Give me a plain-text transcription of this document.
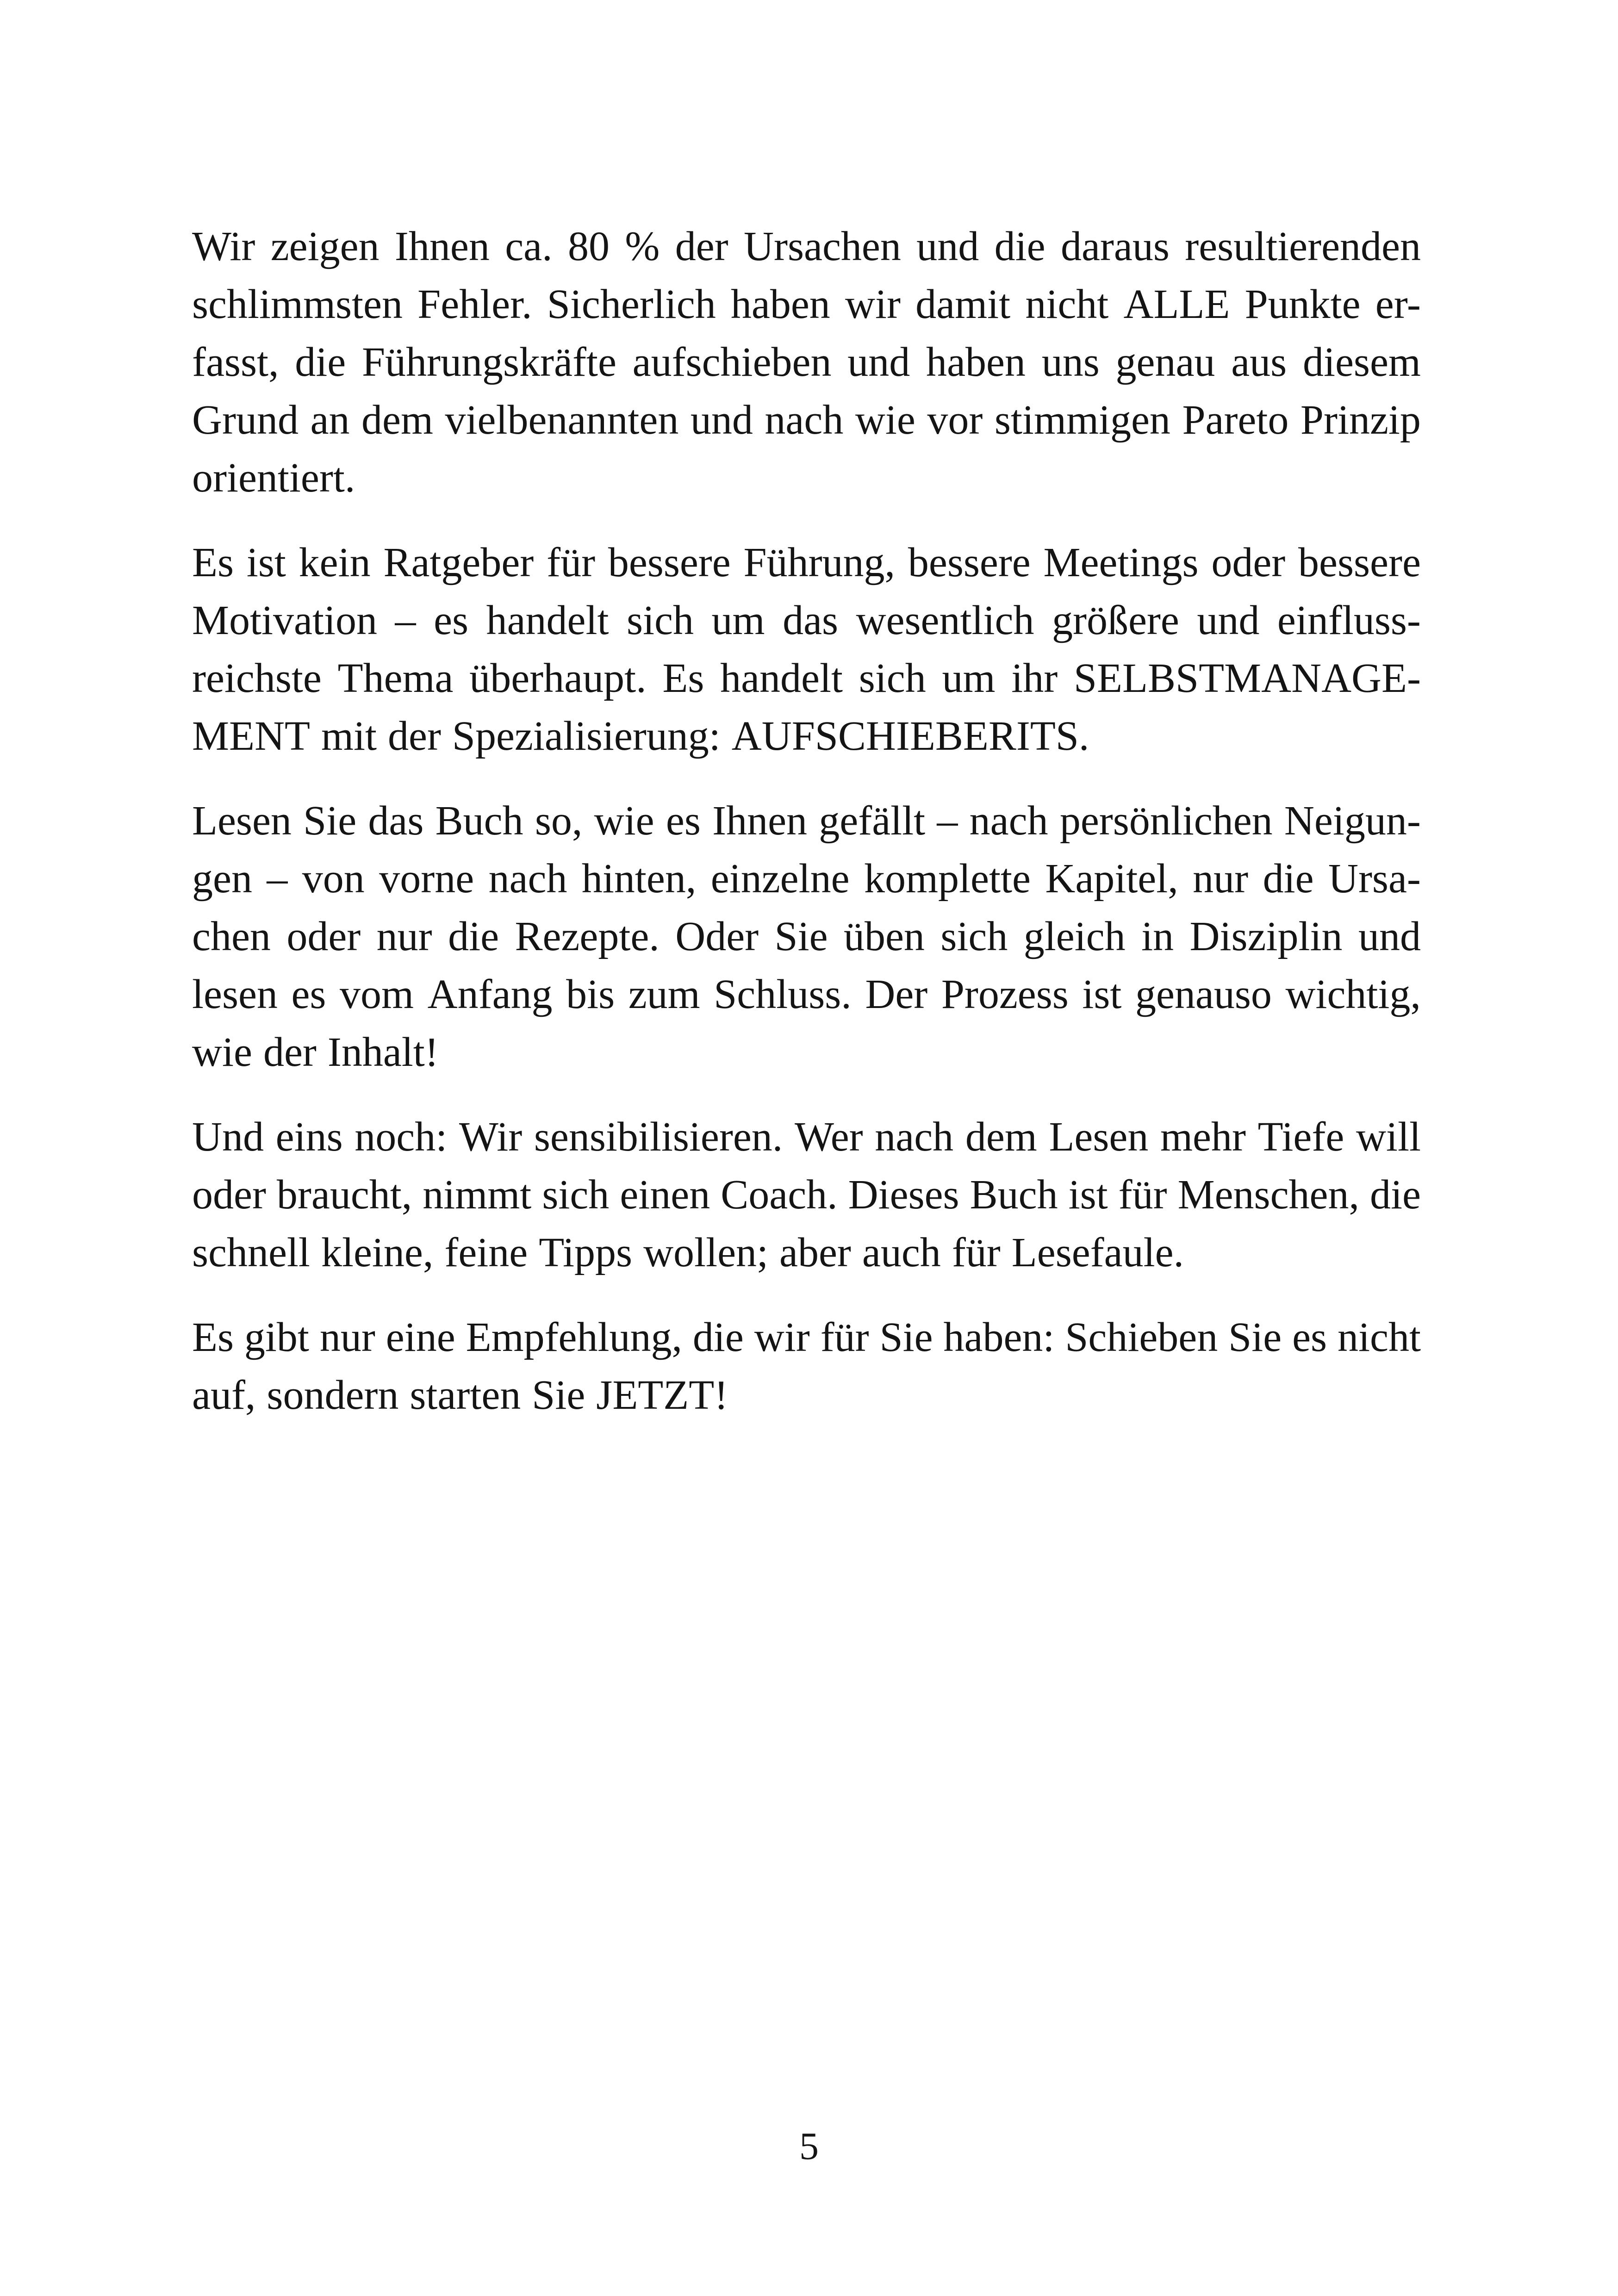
Wir zeigen Ihnen ca. 80 % der Ursachen und die daraus resultierenden
schlimmsten Fehler. Sicherlich haben wir damit nicht ALLE Punkte er-
fasst, die Führungskräfte aufschieben und haben uns genau aus diesem
Grund an dem vielbenannten und nach wie vor stimmigen Pareto Prinzip
orientiert.
Es ist kein Ratgeber für bessere Führung, bessere Meetings oder bessere
Motivation – es handelt sich um das wesentlich größere und einfluss-
reichste Thema überhaupt. Es handelt sich um ihr SELBSTMANAGE-
MENT mit der Spezialisierung: AUFSCHIEBERITS.
Lesen Sie das Buch so, wie es Ihnen gefällt – nach persönlichen Neigun-
gen – von vorne nach hinten, einzelne komplette Kapitel, nur die Ursa-
chen oder nur die Rezepte. Oder Sie üben sich gleich in Disziplin und
lesen es vom Anfang bis zum Schluss. Der Prozess ist genauso wichtig,
wie der Inhalt!
Und eins noch: Wir sensibilisieren. Wer nach dem Lesen mehr Tiefe will
oder braucht, nimmt sich einen Coach. Dieses Buch ist für Menschen, die
schnell kleine, feine Tipps wollen; aber auch für Lesefaule.
Es gibt nur eine Empfehlung, die wir für Sie haben: Schieben Sie es nicht
auf, sondern starten Sie JETZT!
5
